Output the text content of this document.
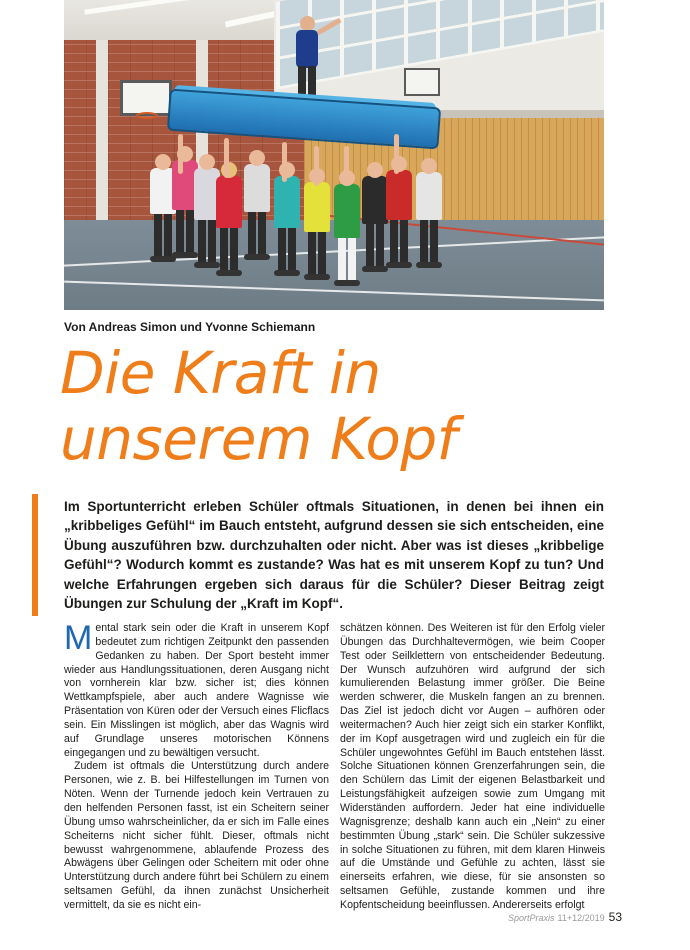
Von Andreas Simon und Yvonne Schiemann
Die Kraft in
unserem Kopf

Im Sportunterricht erleben Schüler oftmals Situationen, in denen bei ihnen ein „kribbeliges Gefühl“ im Bauch entsteht, aufgrund dessen sie sich entscheiden, eine Übung auszuführen bzw. durchzuhalten oder nicht. Aber was ist dieses „kribbelige Gefühl“? Wodurch kommt es zustande? Was hat es mit unserem Kopf zu tun? Und welche Erfahrungen ergeben sich daraus für die Schüler? Dieser Beitrag zeigt Übungen zur Schulung der „Kraft im Kopf“.

Mental stark sein oder die Kraft in unserem Kopf bedeutet zum richtigen Zeitpunkt den passenden Gedanken zu haben. Der Sport besteht immer wieder aus Handlungssituationen, deren Ausgang nicht von vornherein klar bzw. sicher ist; dies können Wettkampfspiele, aber auch andere Wagnisse wie Präsentation von Küren oder der Versuch eines Flicflacs sein. Ein Misslingen ist möglich, aber das Wagnis wird auf Grundlage unseres motorischen Könnens eingegangen und zu bewältigen versucht.

Zudem ist oftmals die Unterstützung durch andere Personen, wie z. B. bei Hilfestellungen im Turnen von Nöten. Wenn der Turnende jedoch kein Vertrauen zu den helfenden Personen fasst, ist ein Scheitern seiner Übung umso wahrscheinlicher, da er sich im Falle eines Scheiterns nicht sicher fühlt. Dieser, oftmals nicht bewusst wahrgenommene, ablaufende Prozess des Abwägens über Gelingen oder Scheitern mit oder ohne Unterstützung durch andere führt bei Schülern zu einem seltsamen Gefühl, da ihnen zunächst Unsicherheit vermittelt, da sie es nicht ein-

schätzen können. Des Weiteren ist für den Erfolg vieler Übungen das Durchhaltevermögen, wie beim Cooper Test oder Seilklettern von entscheidender Bedeutung. Der Wunsch aufzuhören wird aufgrund der sich kumulierenden Belastung immer größer. Die Beine werden schwerer, die Muskeln fangen an zu brennen. Das Ziel ist jedoch dicht vor Augen – aufhören oder weitermachen? Auch hier zeigt sich ein starker Konflikt, der im Kopf ausgetragen wird und zugleich ein für die Schüler ungewohntes Gefühl im Bauch entstehen lässt. Solche Situationen können Grenzerfahrungen sein, die den Schülern das Limit der eigenen Belastbarkeit und Leistungsfähigkeit aufzeigen sowie zum Umgang mit Widerständen auffordern. Jeder hat eine individuelle Wagnisgrenze; deshalb kann auch ein „Nein“ zu einer bestimmten Übung „stark“ sein. Die Schüler sukzessive in solche Situationen zu führen, mit dem klaren Hinweis auf die Umstände und Gefühle zu achten, lässt sie einerseits erfahren, wie diese, für sie ansonsten so seltsamen Gefühle, zustande kommen und ihre Kopfentscheidung beeinflussen. Andererseits erfolgt

SportPraxis 11+12/2019 53
